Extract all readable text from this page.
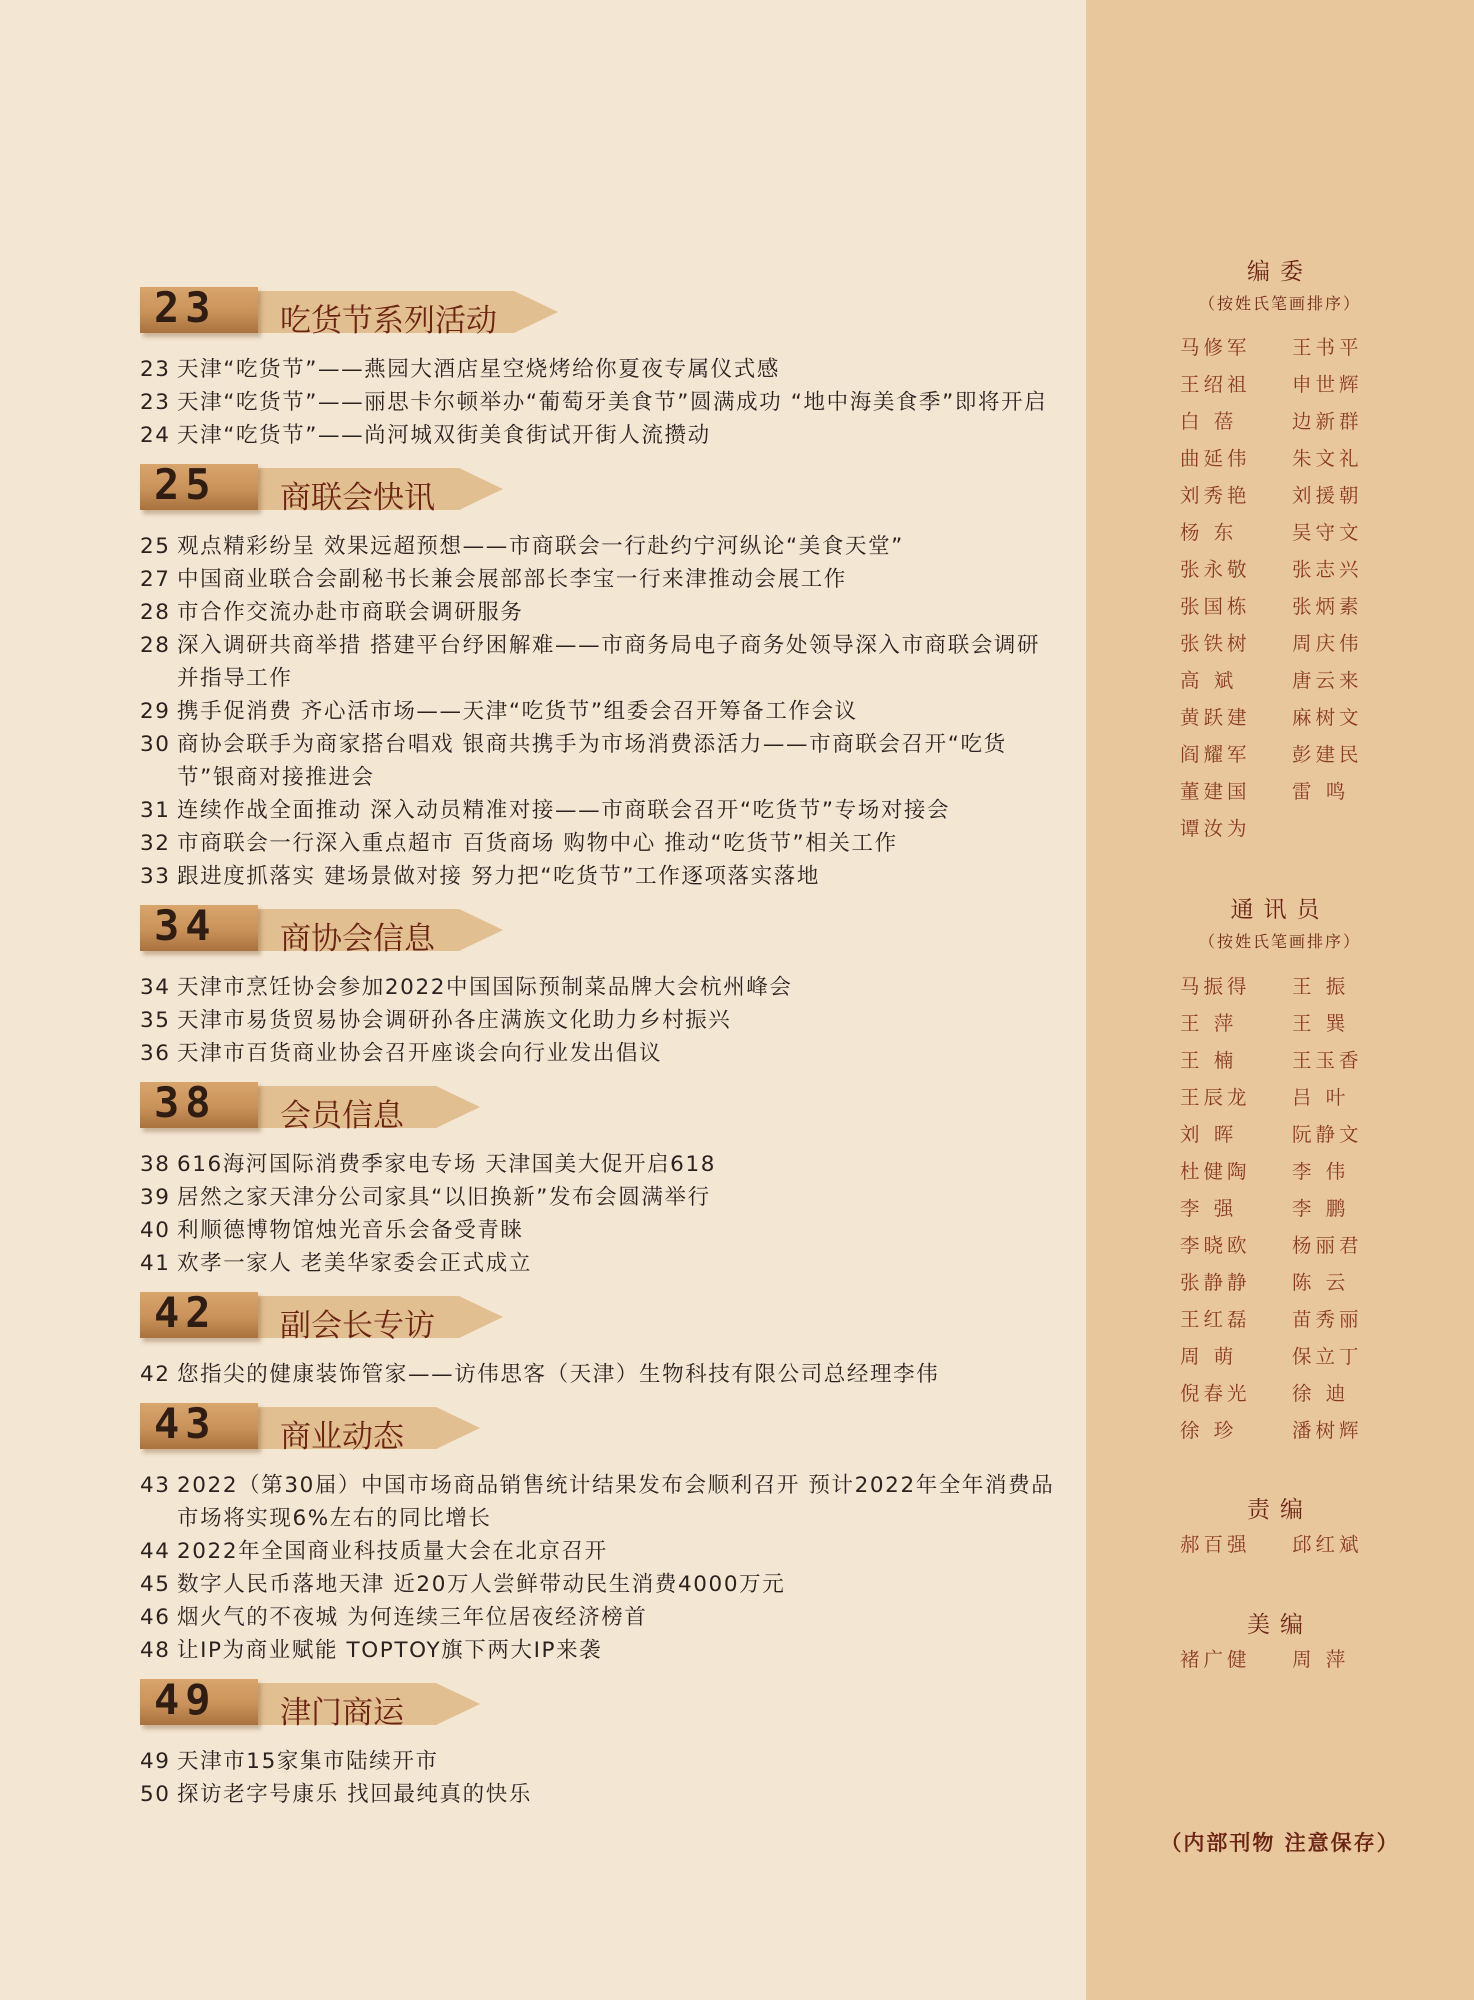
23 吃货节系列活动
23 天津“吃货节”——燕园大酒店星空烧烤给你夏夜专属仪式感
23 天津“吃货节”——丽思卡尔顿举办“葡萄牙美食节”圆满成功 “地中海美食季”即将开启
24 天津“吃货节”——尚河城双街美食街试开街人流攒动
25 商联会快讯
25 观点精彩纷呈 效果远超预想——市商联会一行赴约宁河纵论“美食天堂”
27 中国商业联合会副秘书长兼会展部部长李宝一行来津推动会展工作
28 市合作交流办赴市商联会调研服务
28 深入调研共商举措 搭建平台纾困解难——市商务局电子商务处领导深入市商联会调研并指导工作
29 携手促消费 齐心活市场——天津“吃货节”组委会召开筹备工作会议
30 商协会联手为商家搭台唱戏 银商共携手为市场消费添活力——市商联会召开“吃货节”银商对接推进会
31 连续作战全面推动 深入动员精准对接——市商联会召开“吃货节”专场对接会
32 市商联会一行深入重点超市 百货商场 购物中心 推动“吃货节”相关工作
33 跟进度抓落实 建场景做对接 努力把“吃货节”工作逐项落实落地
34 商协会信息
34 天津市烹饪协会参加2022中国国际预制菜品牌大会杭州峰会
35 天津市易货贸易协会调研孙各庄满族文化助力乡村振兴
36 天津市百货商业协会召开座谈会向行业发出倡议
38 会员信息
38 616海河国际消费季家电专场 天津国美大促开启618
39 居然之家天津分公司家具“以旧换新”发布会圆满举行
40 利顺德博物馆烛光音乐会备受青睐
41 欢孝一家人 老美华家委会正式成立
42 副会长专访
42 您指尖的健康装饰管家——访伟思客（天津）生物科技有限公司总经理李伟
43 商业动态
43 2022（第30届）中国市场商品销售统计结果发布会顺利召开 预计2022年全年消费品市场将实现6%左右的同比增长
44 2022年全国商业科技质量大会在北京召开
45 数字人民币落地天津 近20万人尝鲜带动民生消费4000万元
46 烟火气的不夜城 为何连续三年位居夜经济榜首
48 让IP为商业赋能 TOPTOY旗下两大IP来袭
49 津门商运
49 天津市15家集市陆续开市
50 探访老字号康乐 找回最纯真的快乐
编委
（按姓氏笔画排序）
马修军	王书平
王绍祖	申世辉
白 蓓	边新群
曲延伟	朱文礼
刘秀艳	刘援朝
杨 东	吴守文
张永敬	张志兴
张国栋	张炳素
张铁树	周庆伟
高 斌	唐云来
黄跃建	麻树文
阎耀军	彭建民
董建国	雷 鸣
谭汝为
通讯员
（按姓氏笔画排序）
马振得	王 振
王 萍	王 巽
王 楠	王玉香
王辰龙	吕 叶
刘 晖	阮静文
杜健陶	李 伟
李 强	李 鹏
李晓欧	杨丽君
张静静	陈 云
王红磊	苗秀丽
周 萌	保立丁
倪春光	徐 迪
徐 珍	潘树辉
责编
郝百强	邱红斌
美编
褚广健	周 萍
（内部刊物 注意保存）
